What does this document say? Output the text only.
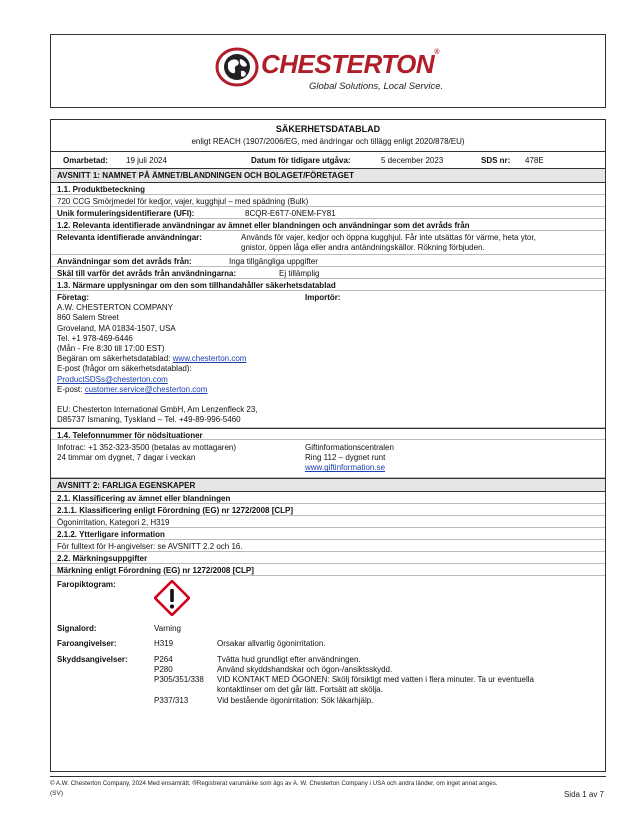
CHESTERTON®
Global Solutions, Local Service.
SÄKERHETSDATABLAD
enligt REACH (1907/2006/EG, med ändringar och tillägg enligt 2020/878/EU)
Omarbetad: 19 juli 2024	Datum för tidigare utgåva:	5 december 2023	SDS nr: 478E
AVSNITT 1: NAMNET PÅ ÄMNET/BLANDNINGEN OCH BOLAGET/FÖRETAGET
1.1. Produktbeteckning
720 CCG Smörjmedel för kedjor, vajer, kugghjul – med spädning (Bulk)
Unik formuleringsidentifierare (UFI):	8CQR-E6T7-0NEM-FY81
1.2. Relevanta identifierade användningar av ämnet eller blandningen och användningar som det avråds från
Relevanta identifierade användningar:	Används för vajer, kedjor och öppna kugghjul. Får inte utsättas för värme, heta ytor,
gnistor, öppen låga eller andra antändningskällor. Rökning förbjuden.
Användningar som det avråds från:	Inga tillgängliga uppgifter
Skäl till varför det avråds från användningarna:	Ej tillämplig
1.3. Närmare upplysningar om den som tillhandahåller säkerhetsdatablad
Företag:	Importör:
A.W. CHESTERTON COMPANY
860 Salem Street
Groveland, MA 01834-1507, USA
Tel. +1 978-469-6446
(Mån - Fre 8:30 till 17:00 EST)
Begäran om säkerhetsdatablad: www.chesterton.com
E-post (frågor om säkerhetsdatablad):
ProductSDSs@chesterton.com
E-post: customer.service@chesterton.com
EU: Chesterton International GmbH, Am Lenzenfleck 23,
D85737 Ismaning, Tyskland – Tel. +49-89-996-5460
1.4. Telefonnummer för nödsituationer
Infotrac: +1 352-323-3500 (betalas av mottagaren)
24 timmar om dygnet, 7 dagar i veckan
Giftinformationscentralen
Ring 112 – dygnet runt
www.giftinformation.se
AVSNITT 2: FARLIGA EGENSKAPER
2.1. Klassificering av ämnet eller blandningen
2.1.1. Klassificering enligt Förordning (EG) nr 1272/2008 [CLP]
Ögonirritation, Kategori 2, H319
2.1.2. Ytterligare information
För fulltext för H-angivelser: se AVSNITT 2.2 och 16.
2.2. Märkningsuppgifter
Märkning enligt Förordning (EG) nr 1272/2008 [CLP]
Faropiktogram:
Signalord:	Varning
Faroangivelser:	H319	Orsakar allvarlig ögonirritation.
Skyddsangivelser:	P264	Tvätta hud grundligt efter användningen.
P280	Använd skyddshandskar och ögon-/ansiktsskydd.
P305/351/338 VID KONTAKT MED ÖGONEN: Skölj försiktigt med vatten i flera minuter. Ta ur eventuella
kontaktlinser om det går lätt. Fortsätt att skölja.
P337/313	Vid bestående ögonirritation: Sök läkarhjälp.
© A.W. Chesterton Company, 2024 Med ensamrätt. ®Registrerat varumärke som ägs av A. W. Chesterton Company i USA och andra länder, om inget annat anges.
(SV)	Sida 1 av 7
